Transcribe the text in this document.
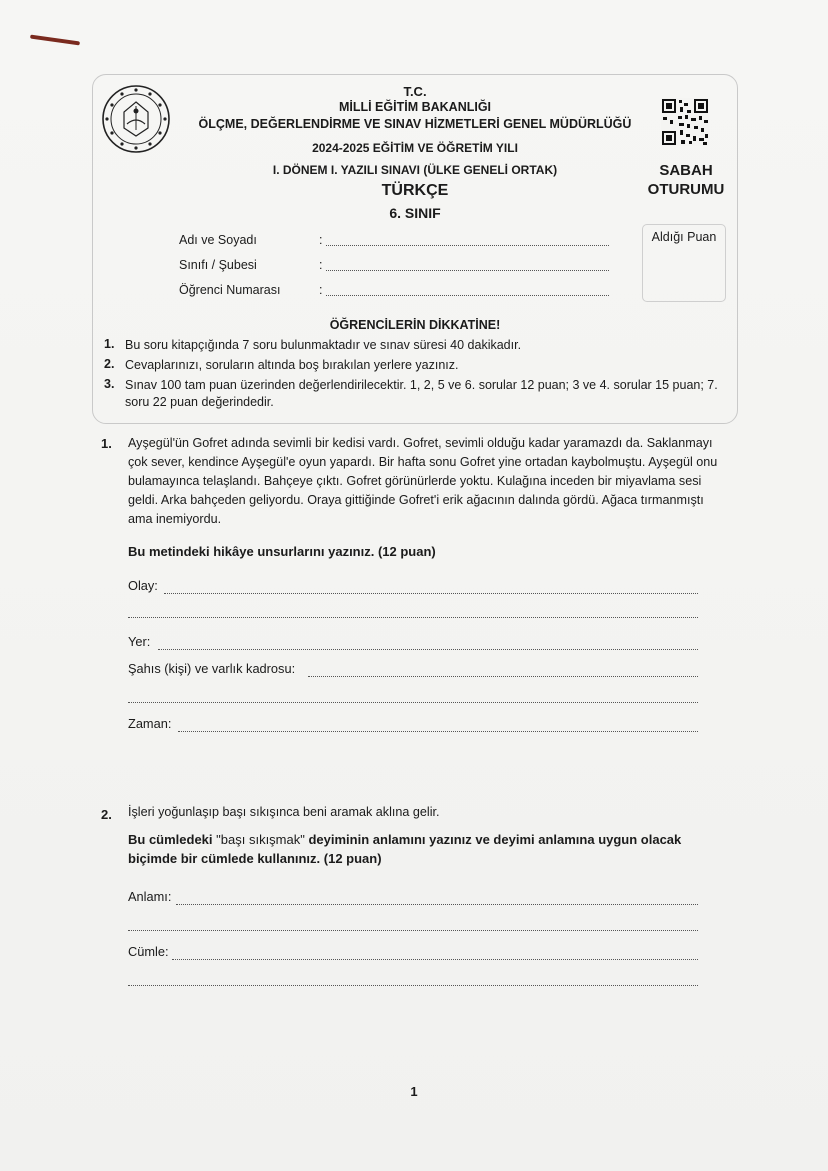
T.C.
MİLLİ EĞİTİM BAKANLIĞI
ÖLÇME, DEĞERLENDİRME VE SINAV HİZMETLERİ GENEL MÜDÜRLÜĞÜ
2024-2025 EĞİTİM VE ÖĞRETİM YILI
I. DÖNEM I. YAZILI SINAVI (ÜLKE GENELİ ORTAK)
TÜRKÇE
6. SINIF
SABAH
OTURUMU
Aldığı Puan
Adı ve Soyadı	:
Sınıfı / Şubesi	:
Öğrenci Numarası	:
ÖĞRENCİLERİN DİKKATİNE!
1. Bu soru kitapçığında 7 soru bulunmaktadır ve sınav süresi 40 dakikadır.
2. Cevaplarınızı, soruların altında boş bırakılan yerlere yazınız.
3. Sınav 100 tam puan üzerinden değerlendirilecektir. 1, 2, 5 ve 6. sorular 12 puan; 3 ve 4. sorular 15 puan; 7. soru 22 puan değerindedir.
1. Ayşegül'ün Gofret adında sevimli bir kedisi vardı. Gofret, sevimli olduğu kadar yaramazdı da. Saklanmayı çok sever, kendince Ayşegül'e oyun yapardı. Bir hafta sonu Gofret yine ortadan kaybolmuştu. Ayşegül onu bulamayınca telaşlandı. Bahçeye çıktı. Gofret görünürlerde yoktu. Kulağına inceden bir miyavlama sesi geldi. Arka bahçeden geliyordu. Oraya gittiğinde Gofret'i erik ağacının dalında gördü. Ağaca tırmanmıştı ama inemiyordu.

Bu metindeki hikâye unsurlarını yazınız. (12 puan)

Olay:
Yer:
Şahıs (kişi) ve varlık kadrosu:
Zaman:
2. İşleri yoğunlaşıp başı sıkışınca beni aramak aklına gelir.

Bu cümledeki "başı sıkışmak" deyiminin anlamını yazınız ve deyimi anlamına uygun olacak biçimde bir cümlede kullanınız. (12 puan)

Anlamı:
Cümle:
1
